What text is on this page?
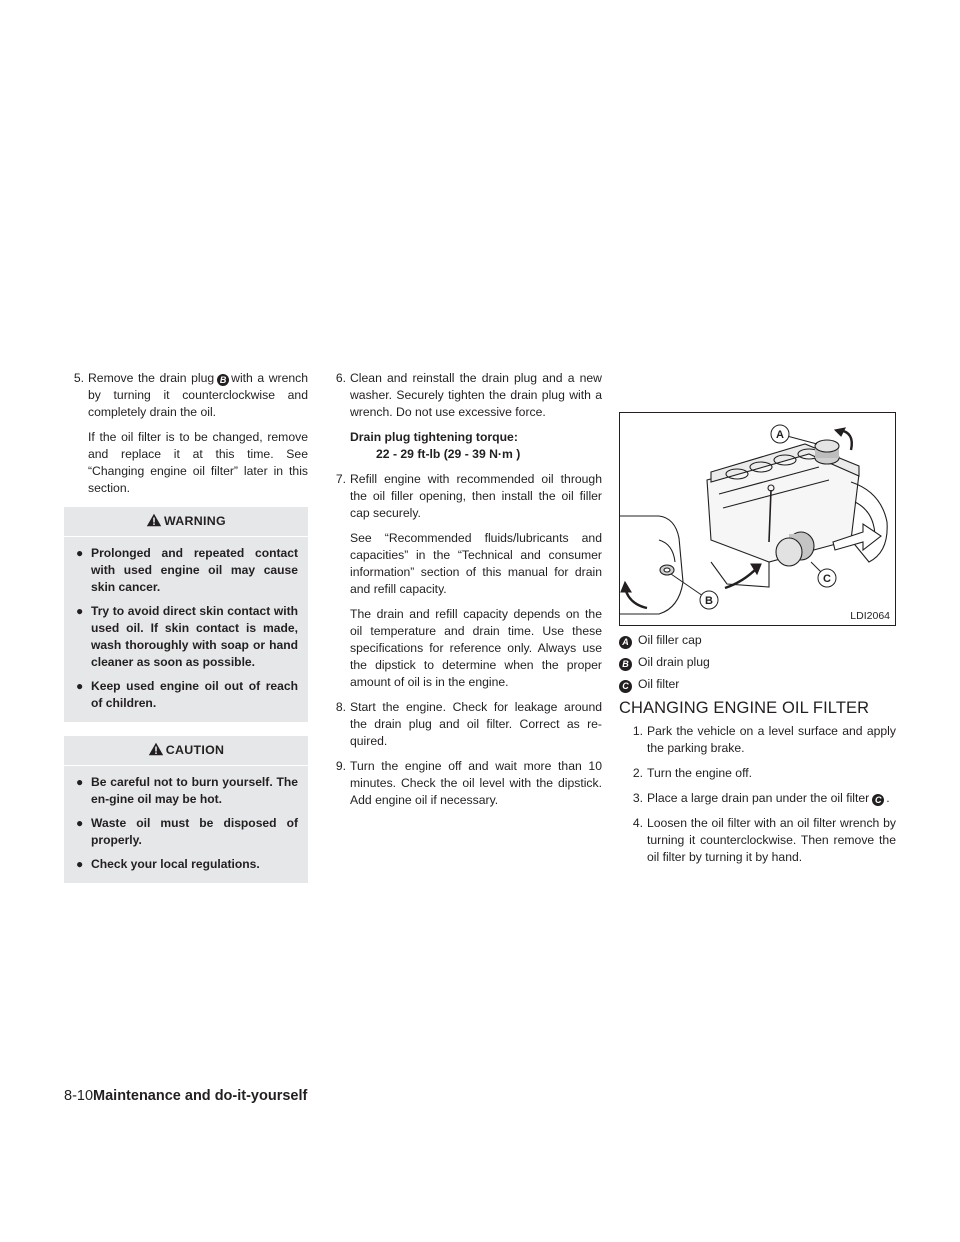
5. Remove the drain plug B with a wrench by turning it counterclockwise and completely drain the oil.

If the oil filter is to be changed, remove and replace it at this time. See “Changing engine oil filter” later in this section.

WARNING
● Prolonged and repeated contact with used engine oil may cause skin cancer.
● Try to avoid direct skin contact with used oil. If skin contact is made, wash thoroughly with soap or hand cleaner as soon as possible.
● Keep used engine oil out of reach of children.
CAUTION
● Be careful not to burn yourself. The en-gine oil may be hot.
● Waste oil must be disposed of properly.
● Check your local regulations.
6. Clean and reinstall the drain plug and a new washer. Securely tighten the drain plug with a wrench. Do not use excessive force.

Drain plug tightening torque:
22 - 29 ft-lb (29 - 39 N·m )
7. Refill engine with recommended oil through the oil filler opening, then install the oil filler cap securely.

See “Recommended fluids/lubricants and capacities” in the “Technical and consumer information” section of this manual for drain and refill capacity.

The drain and refill capacity depends on the oil temperature and drain time. Use these specifications for reference only. Always use the dipstick to determine when the proper amount of oil is in the engine.

8. Start the engine. Check for leakage around the drain plug and oil filter. Correct as re-quired.

9. Turn the engine off and wait more than 10 minutes. Check the oil level with the dipstick. Add engine oil if necessary.

A
C
B
LDI2064
A Oil filler cap
B Oil drain plug
C Oil filter
CHANGING ENGINE OIL FILTER
1. Park the vehicle on a level surface and apply the parking brake.

2. Turn the engine off.

3. Place a large drain pan under the oil filter C .

4. Loosen the oil filter with an oil filter wrench by turning it counterclockwise. Then remove the oil filter by turning it by hand.

8-10Maintenance and do-it-yourself
